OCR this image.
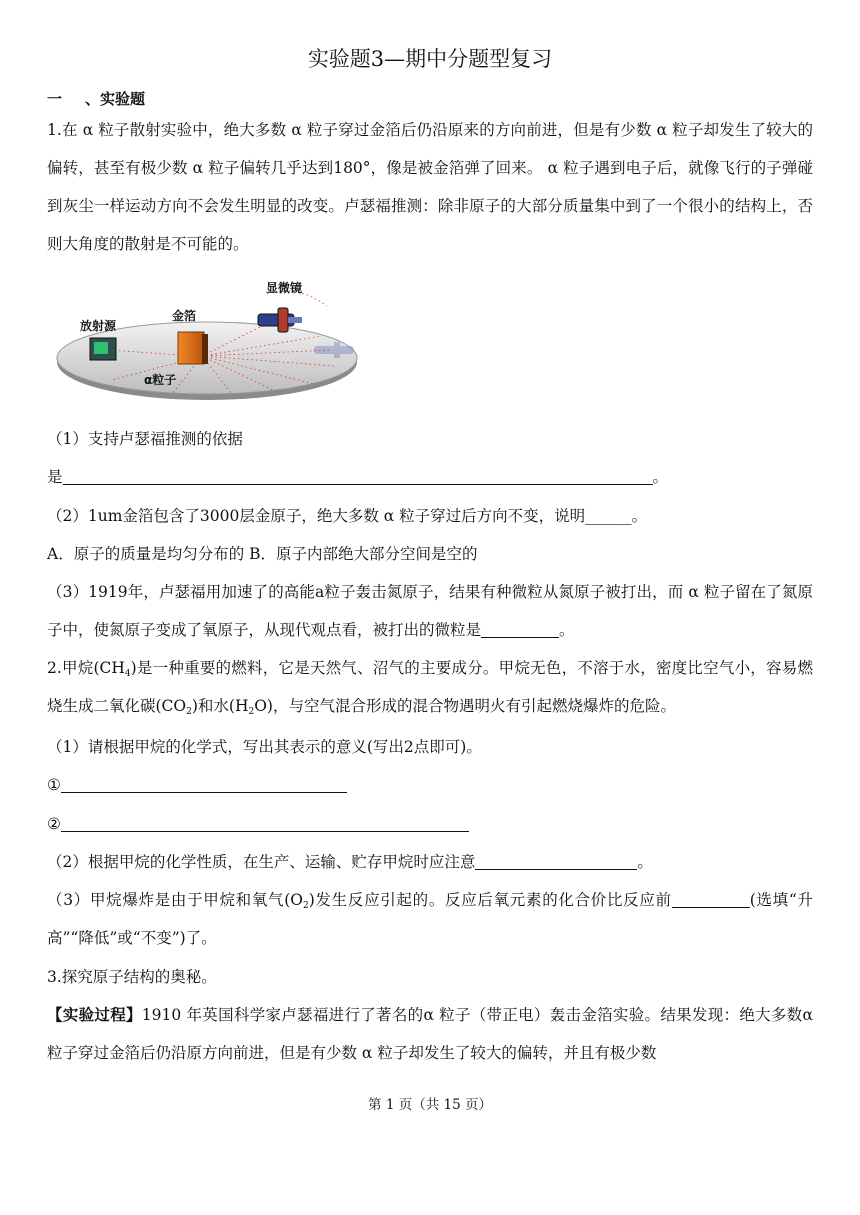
实验题3—期中分题型复习
一 、实验题
1.在 α 粒子散射实验中，绝大多数 α 粒子穿过金箔后仍沿原来的方向前进，但是有少数 α 粒子却发生了较大的偏转，甚至有极少数 α 粒子偏转几乎达到180°，像是被金箔弹了回来。 α 粒子遇到电子后，就像飞行的子弹碰到灰尘一样运动方向不会发生明显的改变。卢瑟福推测：除非原子的大部分质量集中到了一个很小的结构上，否则大角度的散射是不可能的。
放射源
金箔
显微镜
α粒子
（1）支持卢瑟福推测的依据
是	。
（2）1um金箔包含了3000层金原子，绝大多数 α 粒子穿过后方向不变，说明______。
A．原子的质量是均匀分布的 B．原子内部绝大部分空间是空的
（3）1919年，卢瑟福用加速了的高能a粒子轰击氮原子，结果有种微粒从氮原子被打出，而 α 粒子留在了氮原子中，使氮原子变成了氧原子，从现代观点看，被打出的微粒是	。
2.甲烷$(CH_4)$是一种重要的燃料，它是天然气、沼气的主要成分。甲烷无色，不溶于水，密度比空气小，容易燃烧生成二氧化碳$(CO_2)$和水$(H_2O)$，与空气混合形成的混合物遇明火有引起燃烧爆炸的危险。
（1）请根据甲烷的化学式，写出其表示的意义(写出2点即可)。
①
②
（2）根据甲烷的化学性质，在生产、运输、贮存甲烷时应注意	。
（3）甲烷爆炸是由于甲烷和氧气$(O_2)$发生反应引起的。反应后氧元素的化合价比反应前	(选填“升高”“降低”或“不变”)了。
3.探究原子结构的奥秘。
【实验过程】1910 年英国科学家卢瑟福进行了著名的α 粒子（带正电）轰击金箔实验。结果发现：绝大多数α 粒子穿过金箔后仍沿原方向前进，但是有少数 α 粒子却发生了较大的偏转，并且有极少数
第 1 页（共 15 页）
